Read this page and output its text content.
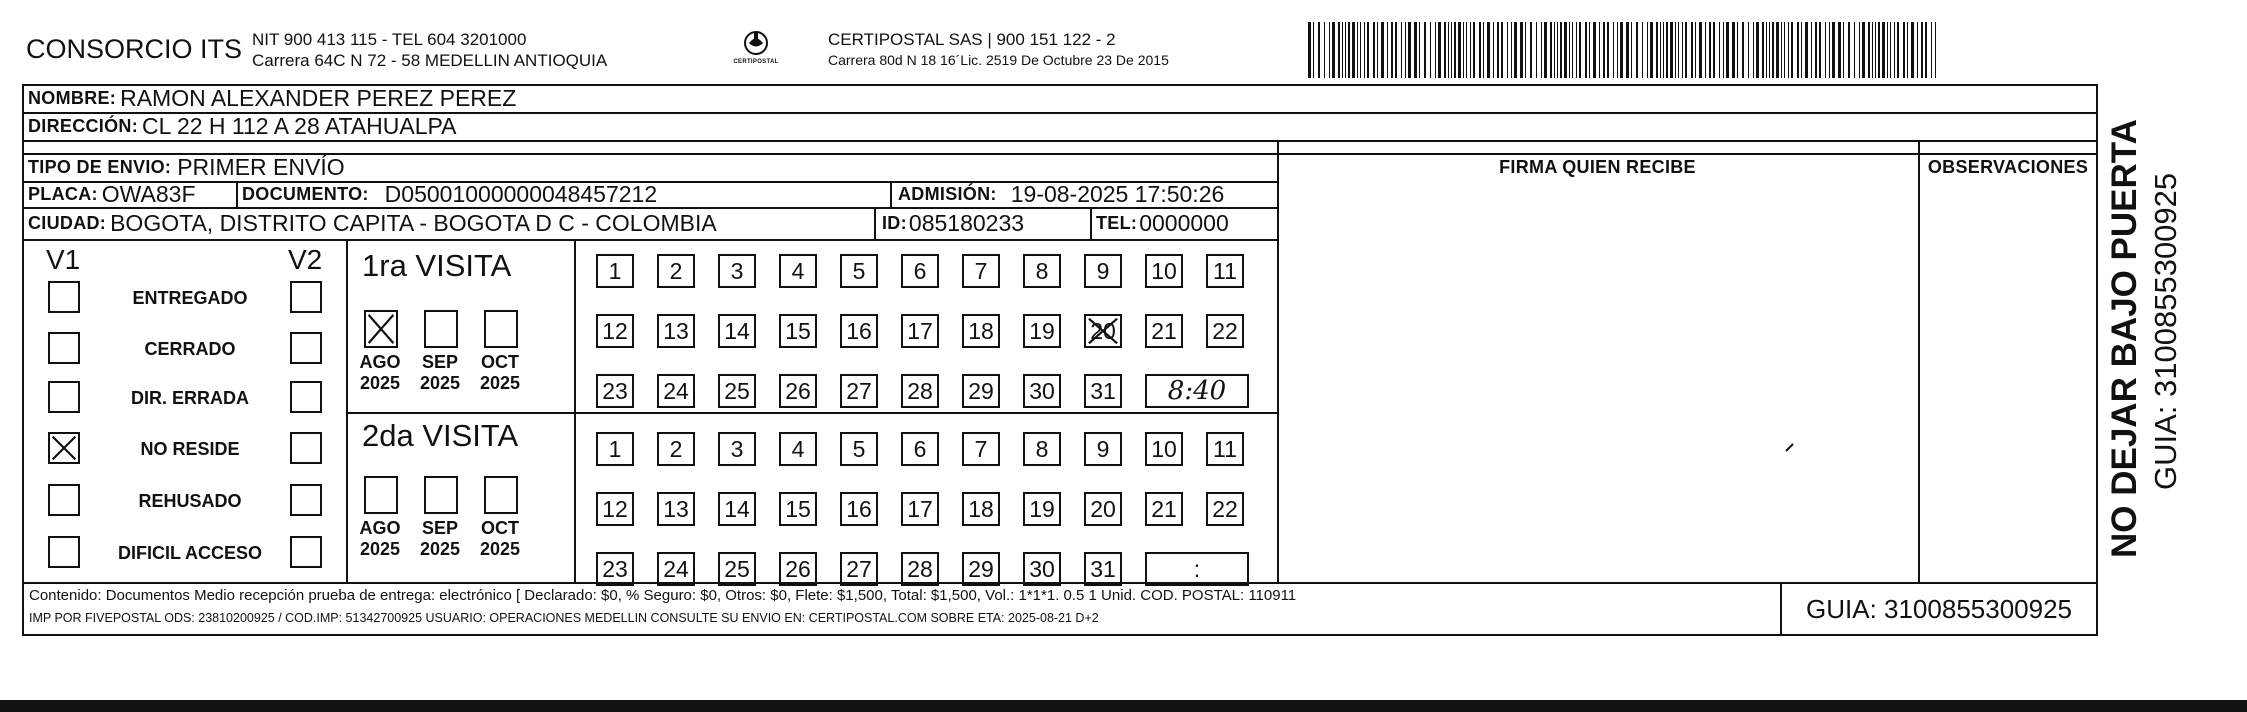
CONSORCIO ITS NIT 900 413 115 - TEL 604 3201000
Carrera 64C N 72 - 58 MEDELLIN ANTIOQUIA	CERTIPOSTAL
CERTIPOSTAL SAS | 900 151 122 - 2
Carrera 80d N 18 16´Lic. 2519 De Octubre 23 De 2015
NOMBRE: RAMON ALEXANDER PEREZ PEREZ
DIRECCIÓN: CL 22 H 112 A 28 ATAHUALPA
TIPO DE ENVIO: PRIMER ENVÍO	FIRMA QUIEN RECIBE	OBSERVACIONES
PLACA: OWA83F	DOCUMENTO: D05001000000048457212	ADMISIÓN: 19-08-2025 17:50:26
CIUDAD: BOGOTA, DISTRITO CAPITA - BOGOTA D C - COLOMBIA	ID: 085180233	TEL: 0000000
V1	V2
ENTREGADO
CERRADO
DIR. ERRADA
NO RESIDE
REHUSADO
DIFICIL ACCESO
1ra VISITA
2da VISITA
AGO
2025
SEP
2025
OCT
2025
AGO
2025
SEP
2025
OCT
2025
1	2	3	4	5	6	7	8	9	10	11
12 13 14 15 16 17 18 19 20 21 22
23 24 25 26 27 28 29 30 31	8:40
1	2	3	4	5	6	7	8	9	10	11
12 13 14 15 16 17 18 19 20 21 22
23 24 25 26 27 28 29 30 31	:
Contenido: Documentos Medio recepción prueba de entrega: electrónico [ Declarado: $0, % Seguro: $0, Otros: $0, Flete: $1,500, Total: $1,500, Vol.: 1*1*1. 0.5 1 Unid. COD. POSTAL: 110911
IMP POR FIVEPOSTAL ODS: 23810200925 / COD.IMP: 51342700925 USUARIO: OPERACIONES MEDELLIN CONSULTE SU ENVIO EN: CERTIPOSTAL.COM SOBRE ETA: 2025-08-21 D+2	GUIA: 3100855300925
NO DEJAR BAJO PUERTA GUIA: 3100855300925
